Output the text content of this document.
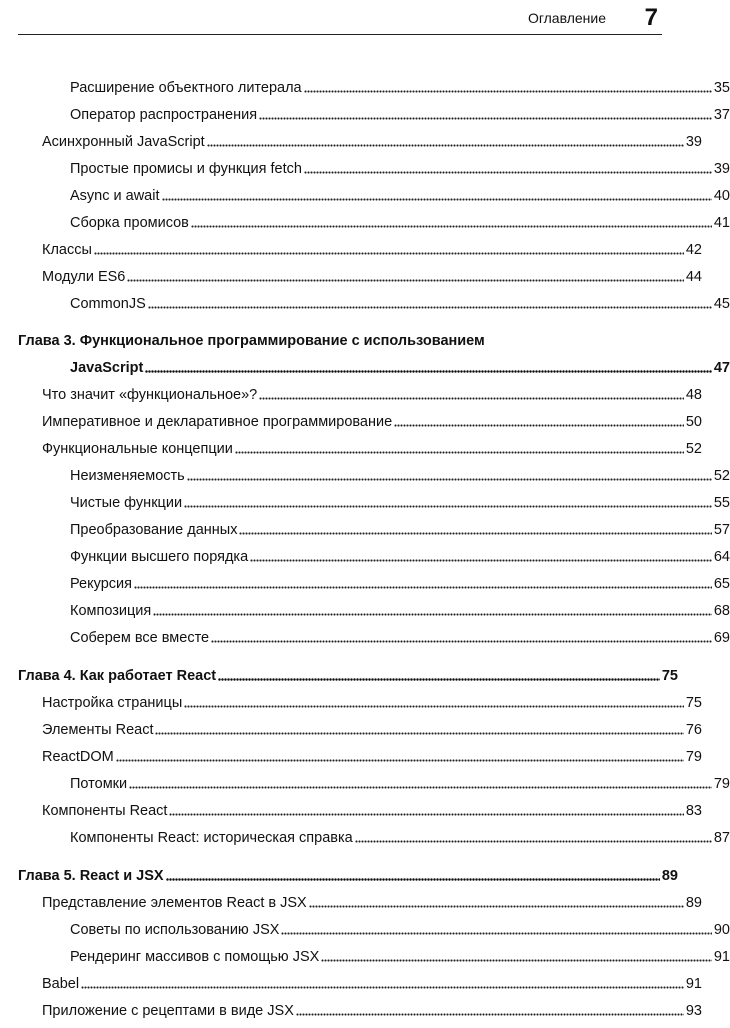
Оглавление 7
Расширение объектного литерала	35
Оператор распространения	37
Асинхронный JavaScript	39
Простые промисы и функция fetch	39
Async и await	40
Сборка промисов	41
Классы	42
Модули ES6	44
CommonJS	45
Глава 3. Функциональное программирование с использованием
JavaScript	47
Что значит «функциональное»?	48
Императивное и декларативное программирование	50
Функциональные концепции	52
Неизменяемость	52
Чистые функции	55
Преобразование данных	57
Функции высшего порядка	64
Рекурсия	65
Композиция	68
Соберем все вместе	69
Глава 4. Как работает React	75
Настройка страницы	75
Элементы React	76
ReactDOM	79
Потомки	79
Компоненты React	83
Компоненты React: историческая справка	87
Глава 5. React и JSX	89
Представление элементов React в JSX	89
Советы по использованию JSX	90
Рендеринг массивов с помощью JSX	91
Babel	91
Приложение с рецептами в виде JSX	93
